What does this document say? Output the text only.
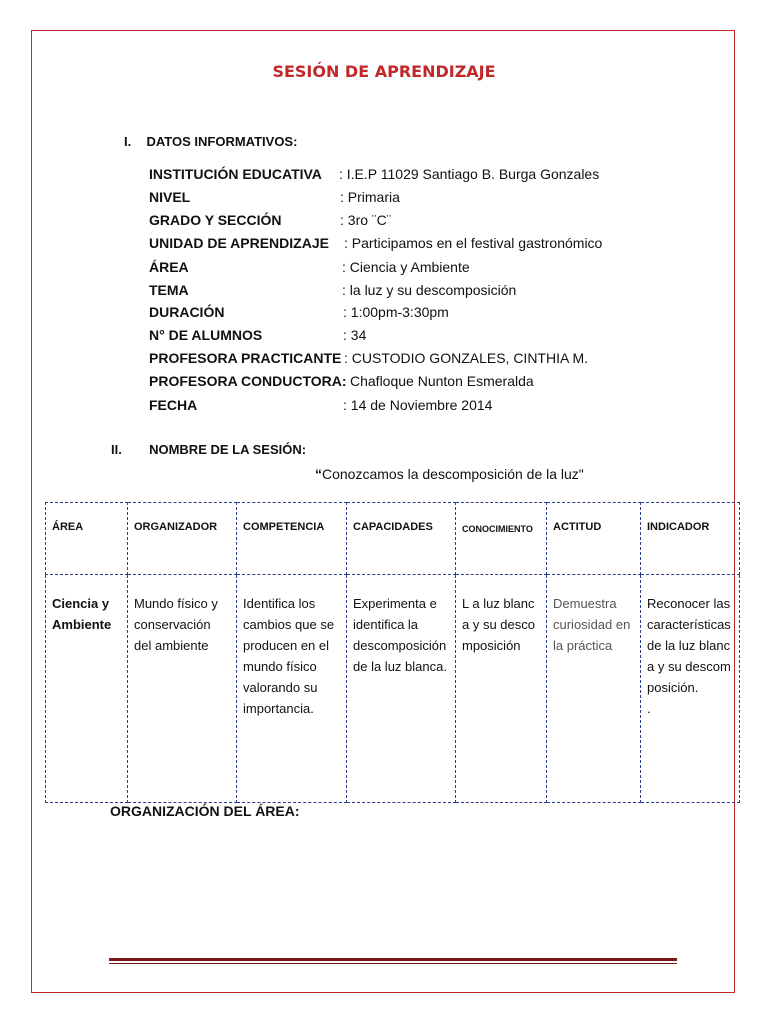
SESIÓN DE APRENDIZAJE
I. DATOS INFORMATIVOS:
INSTITUCIÓN EDUCATIVA : I.E.P 11029 Santiago B. Burga Gonzales
NIVEL	: Primaria
GRADO Y SECCIÓN	: 3ro ¨C¨
UNIDAD DE APRENDIZAJE : Participamos en el festival gastronómico
ÁREA	: Ciencia y Ambiente
TEMA	: la luz y su descomposición
DURACIÓN	: 1:00pm-3:30pm
N° DE ALUMNOS	: 34
PROFESORA PRACTICANTE : CUSTODIO GONZALES, CINTHIA M.
PROFESORA CONDUCTORA: Chafloque Nunton Esmeralda
FECHA	: 14 de Noviembre 2014
II. NOMBRE DE LA SESIÓN:
“Conozcamos la descomposición de la luz"
ÁREA	ORGANIZADOR	COMPETENCIA	CAPACIDADES	CONOCIMIENTO	ACTITUD	INDICADOR
Ciencia y Ambiente	Mundo físico y conservación del ambiente	Identifica los cambios que se producen en el mundo físico valorando su importancia.	Experimenta e identifica la descomposición de la luz blanca.	L a luz blanca y su descomposición	Demuestra curiosidad en la práctica	Reconocer las características de la luz blanca y su descomposición.
.
ORGANIZACIÓN DEL ÁREA:
